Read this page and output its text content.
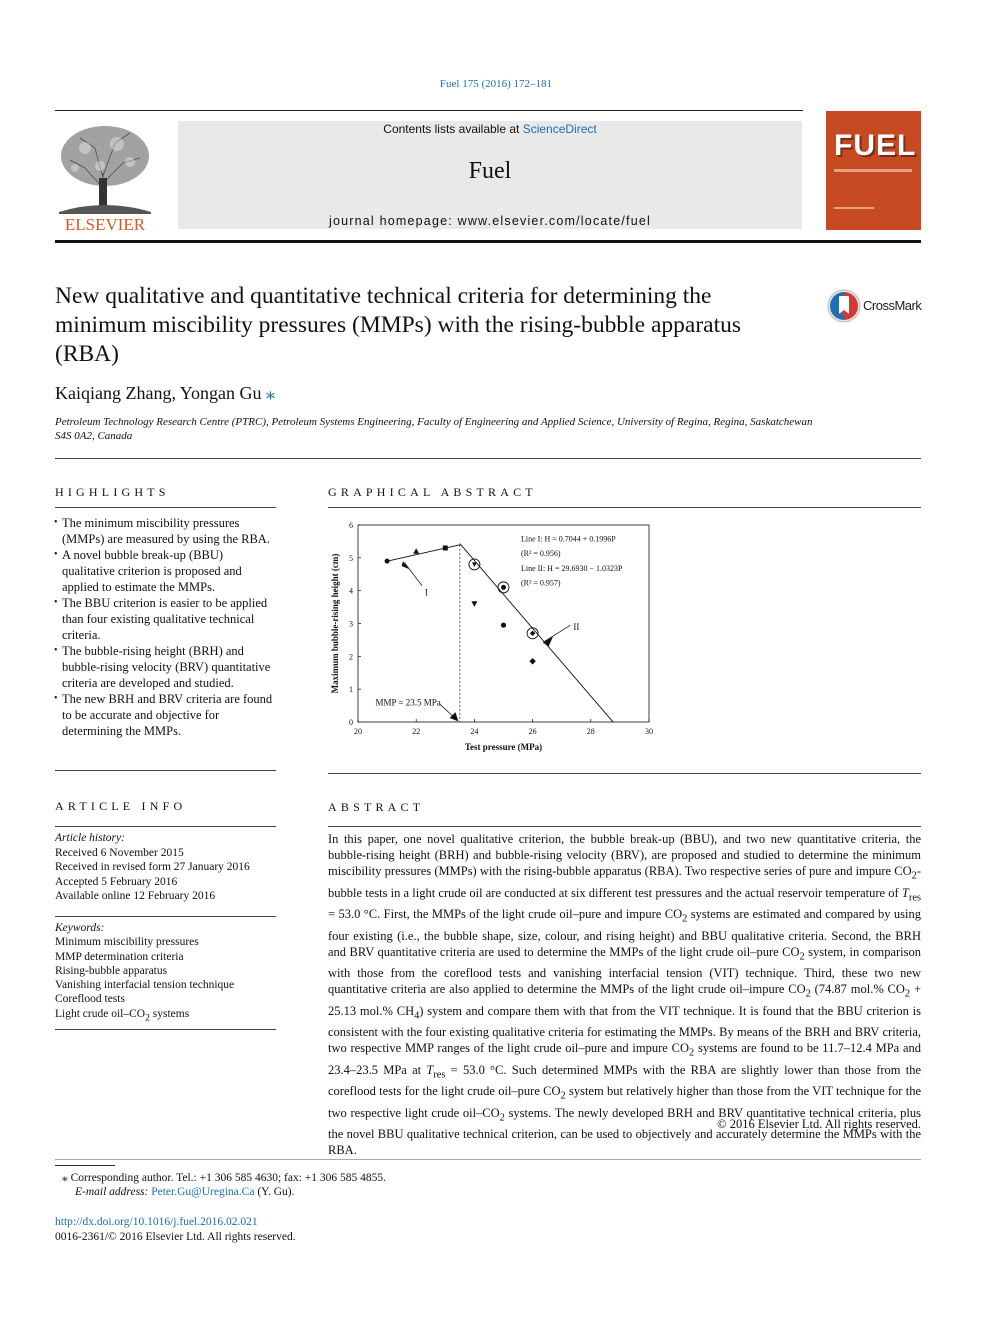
Fuel 175 (2016) 172–181
ELSEVIER
Contents lists available at ScienceDirect
Fuel
journal homepage: www.elsevier.com/locate/fuel
FUEL
New qualitative and quantitative technical criteria for determining the minimum miscibility pressures (MMPs) with the rising-bubble apparatus (RBA)
CrossMark
Kaiqiang Zhang, Yongan Gu ⁎
Petroleum Technology Research Centre (PTRC), Petroleum Systems Engineering, Faculty of Engineering and Applied Science, University of Regina, Regina, Saskatchewan S4S 0A2, Canada
HIGHLIGHTS
• The minimum miscibility pressures (MMPs) are measured by using the RBA.
• A novel bubble break-up (BBU) qualitative criterion is proposed and applied to estimate the MMPs.
• The BBU criterion is easier to be applied than four existing qualitative technical criteria.
• The bubble-rising height (BRH) and bubble-rising velocity (BRV) quantitative criteria are developed and studied.
• The new BRH and BRV criteria are found to be accurate and objective for determining the MMPs.
GRAPHICAL ABSTRACT
20	22	24	26	28	30
0
1
2
3
4
5
6
Test pressure (MPa)
Maximum bubble-rising height (cm)
Line I: H = 0.7044 + 0.1996P
(R² = 0.956)
Line II: H = 29.6930 − 1.0323P
(R² = 0.957)
I
II
MMP = 23.5 MPa
ARTICLE INFO
Article history:
Received 6 November 2015
Received in revised form 27 January 2016
Accepted 5 February 2016
Available online 12 February 2016
Keywords:
Minimum miscibility pressures
MMP determination criteria
Rising-bubble apparatus
Vanishing interfacial tension technique
Coreflood tests
Light crude oil–$CO_2$ systems
ABSTRACT
In this paper, one novel qualitative criterion, the bubble break-up (BBU), and two new quantitative criteria, the bubble-rising height (BRH) and bubble-rising velocity (BRV), are proposed and studied to determine the minimum miscibility pressures (MMPs) with the rising-bubble apparatus (RBA). Two respective series of pure and impure $CO_2$-bubble tests in a light crude oil are conducted at six different test pressures and the actual reservoir temperature of $T_{res} = 53.0$ °C. First, the MMPs of the light crude oil–pure and impure $CO_2$ systems are estimated and compared by using four existing (i.e., the bubble shape, size, colour, and rising height) and BBU qualitative criteria. Second, the BRH and BRV quantitative criteria are used to determine the MMPs of the light crude oil–pure $CO_2$ system, in comparison with those from the coreflood tests and vanishing interfacial tension (VIT) technique. Third, these two new quantitative criteria are also applied to determine the MMPs of the light crude oil–impure $CO_2$ (74.87 mol.% $CO_2 + 25.13$ mol.% $CH_4$) system and compare them with that from the VIT technique. It is found that the BBU criterion is consistent with the four existing qualitative criteria for estimating the MMPs. By means of the BRH and BRV criteria, two respective MMP ranges of the light crude oil–pure and impure $CO_2$ systems are found to be 11.7–12.4 MPa and 23.4–23.5 MPa at $T_{res} = 53.0$ °C. Such determined MMPs with the RBA are slightly lower than those from the coreflood tests for the light crude oil–pure $CO_2$ system but relatively higher than those from the VIT technique for the two respective light crude oil–$CO_2$ systems. The newly developed BRH and BRV quantitative technical criteria, plus the novel BBU qualitative technical criterion, can be used to objectively and accurately determine the MMPs with the RBA.
© 2016 Elsevier Ltd. All rights reserved.
⁎ Corresponding author. Tel.: +1 306 585 4630; fax: +1 306 585 4855.
E-mail address: Peter.Gu@Uregina.Ca (Y. Gu).
http://dx.doi.org/10.1016/j.fuel.2016.02.021
0016-2361/© 2016 Elsevier Ltd. All rights reserved.
